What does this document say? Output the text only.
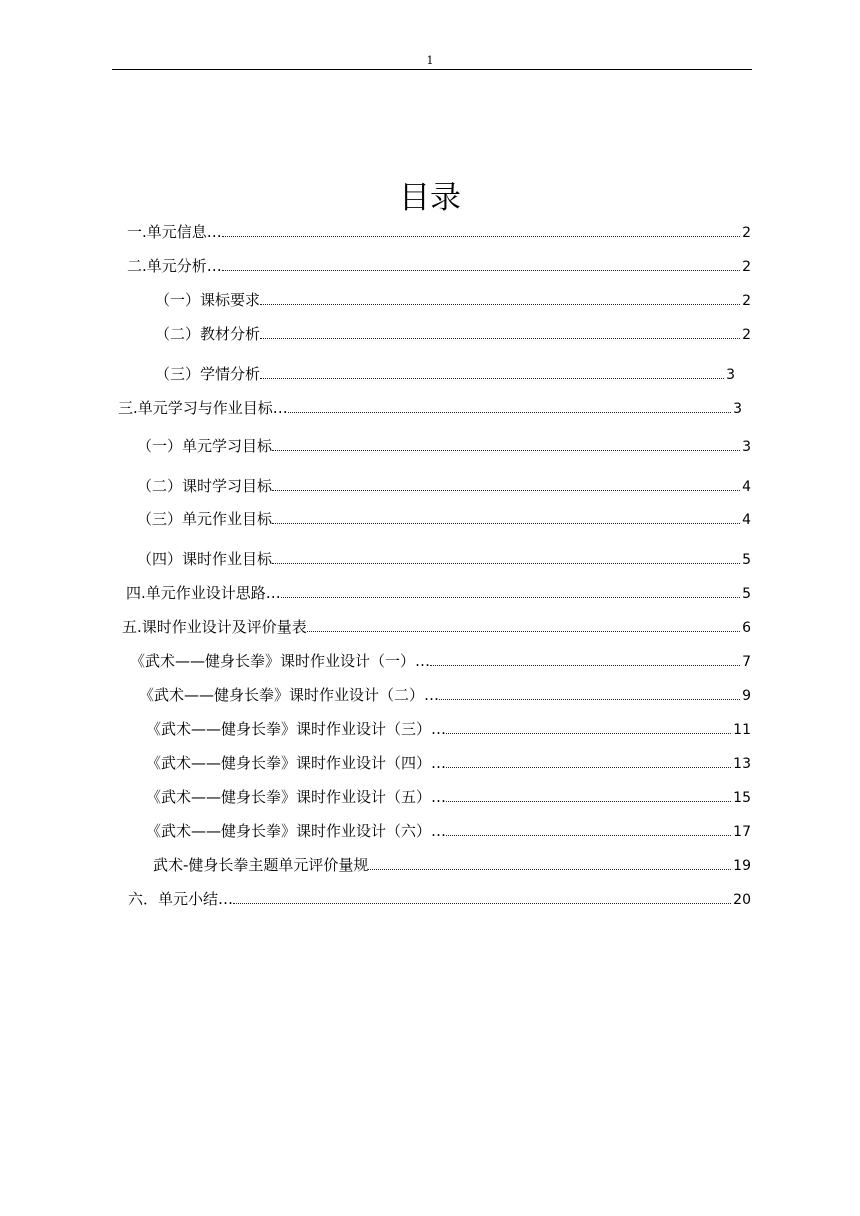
1
目录
一.单元信息…	2
二.单元分析…	2
（一）课标要求	2
（二）教材分析	2
（三）学情分析	3
三.单元学习与作业目标…	3
（一）单元学习目标	3
（二）课时学习目标	4
（三）单元作业目标	4
（四）课时作业目标	5
四.单元作业设计思路…	5
五.课时作业设计及评价量表	6
《武术——健身长拳》课时作业设计（一）…	7
《武术——健身长拳》课时作业设计（二）…	9
《武术——健身长拳》课时作业设计（三）…	11
《武术——健身长拳》课时作业设计（四）…	13
《武术——健身长拳》课时作业设计（五）…	15
《武术——健身长拳》课时作业设计（六）…	17
武术-健身长拳主题单元评价量规	19
六．单元小结…	20
